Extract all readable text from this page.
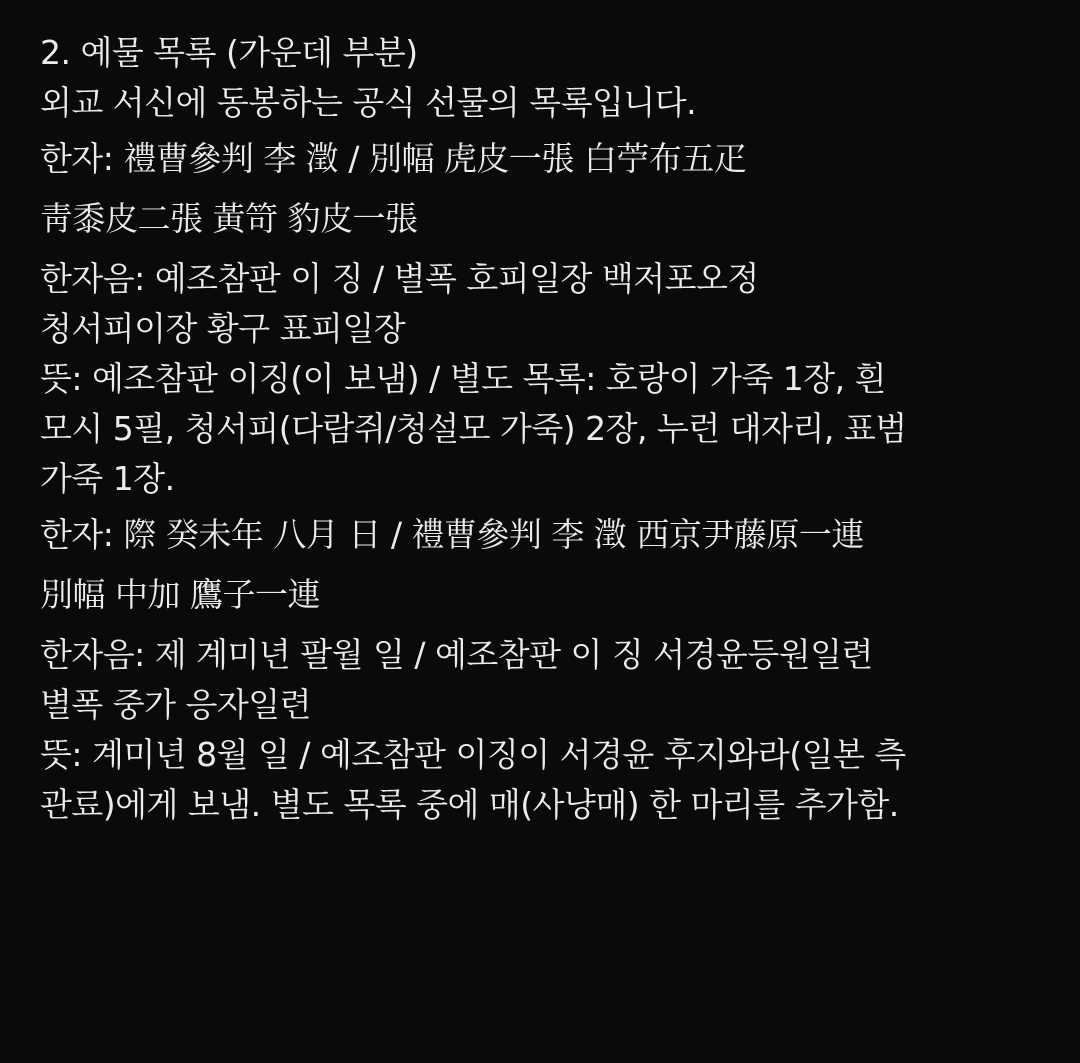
2. 예물 목록 (가운데 부분)
외교 서신에 동봉하는 공식 선물의 목록입니다.
한자: 禮曹參判 李 澂 / 別幅 虎皮一張 白苧布五疋
靑黍皮二張 黃笴 豹皮一張
한자음: 예조참판 이 징 / 별폭 호피일장 백저포오정
청서피이장 황구 표피일장
뜻: 예조참판 이징(이 보냄) / 별도 목록: 호랑이 가죽 1장, 흰
모시 5필, 청서피(다람쥐/청설모 가죽) 2장, 누런 대자리, 표범
가죽 1장.
한자: 際 癸未年 八月 日 / 禮曹參判 李 澂 西京尹藤原一連
別幅 中加 鷹子一連
한자음: 제 계미년 팔월 일 / 예조참판 이 징 서경윤등원일련
별폭 중가 응자일련
뜻: 계미년 8월 일 / 예조참판 이징이 서경윤 후지와라(일본 측
관료)에게 보냄. 별도 목록 중에 매(사냥매) 한 마리를 추가함.
